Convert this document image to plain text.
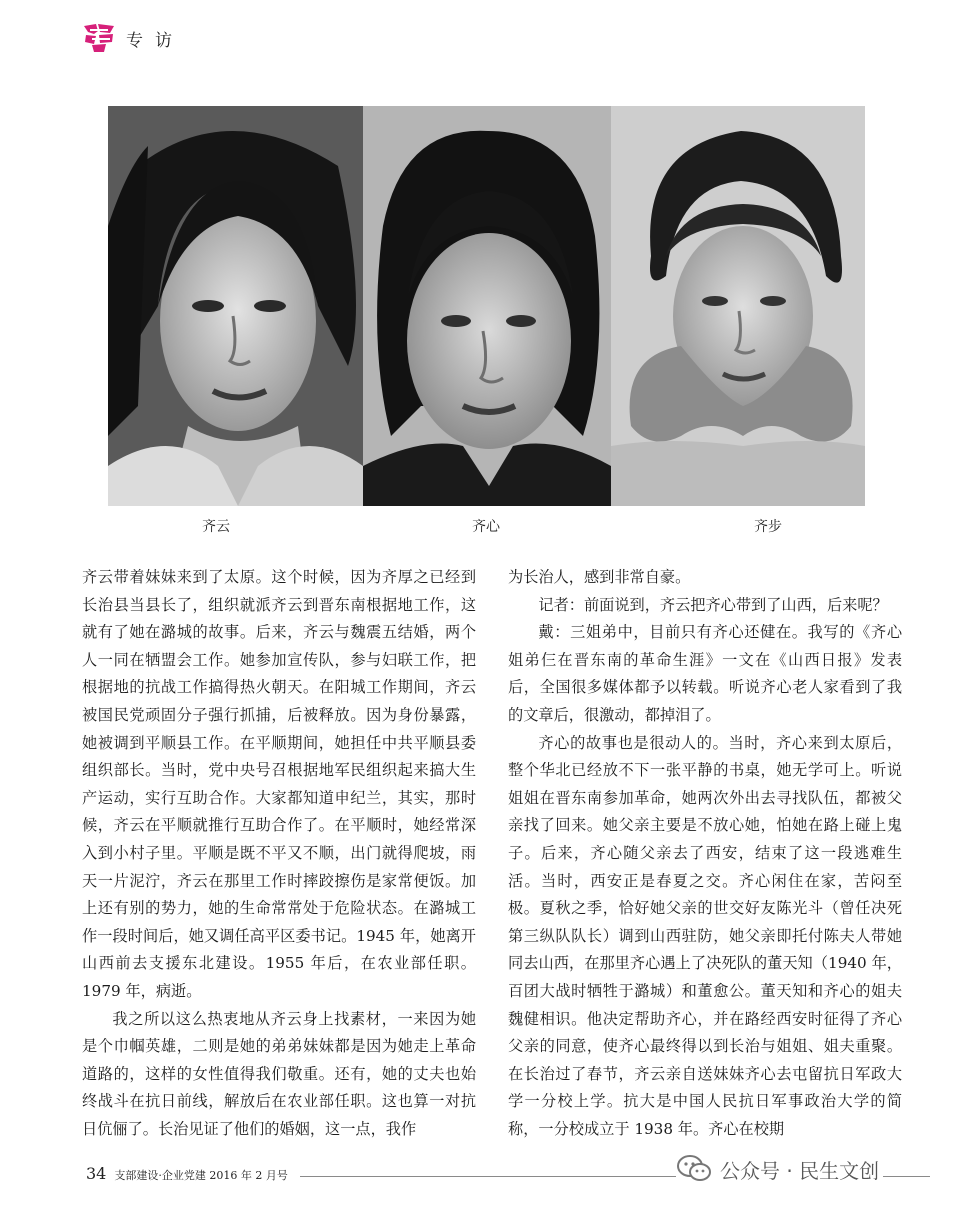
专访
齐云	齐心	齐步

齐云带着妹妹来到了太原。这个时候，因为齐厚之已经到长治县当县长了，组织就派齐云到晋东南根据地工作，这就有了她在潞城的故事。后来，齐云与魏震五结婚，两个人一同在牺盟会工作。她参加宣传队，参与妇联工作，把根据地的抗战工作搞得热火朝天。在阳城工作期间，齐云被国民党顽固分子强行抓捕，后被释放。因为身份暴露，她被调到平顺县工作。在平顺期间，她担任中共平顺县委组织部长。当时，党中央号召根据地军民组织起来搞大生产运动，实行互助合作。大家都知道申纪兰，其实，那时候，齐云在平顺就推行互助合作了。在平顺时，她经常深入到小村子里。平顺是既不平又不顺，出门就得爬坡，雨天一片泥泞，齐云在那里工作时摔跤擦伤是家常便饭。加上还有别的势力，她的生命常常处于危险状态。在潞城工作一段时间后，她又调任高平区委书记。1945 年，她离开山西前去支援东北建设。1955 年后，在农业部任职。1979 年，病逝。

我之所以这么热衷地从齐云身上找素材，一来因为她是个巾帼英雄，二则是她的弟弟妹妹都是因为她走上革命道路的，这样的女性值得我们敬重。还有，她的丈夫也始终战斗在抗日前线，解放后在农业部任职。这也算一对抗日伉俪了。长治见证了他们的婚姻，这一点，我作

为长治人，感到非常自豪。

记者：前面说到，齐云把齐心带到了山西，后来呢？

戴：三姐弟中，目前只有齐心还健在。我写的《齐心姐弟仨在晋东南的革命生涯》一文在《山西日报》发表后，全国很多媒体都予以转载。听说齐心老人家看到了我的文章后，很激动，都掉泪了。

齐心的故事也是很动人的。当时，齐心来到太原后，整个华北已经放不下一张平静的书桌，她无学可上。听说姐姐在晋东南参加革命，她两次外出去寻找队伍，都被父亲找了回来。她父亲主要是不放心她，怕她在路上碰上鬼子。后来，齐心随父亲去了西安，结束了这一段逃难生活。当时，西安正是春夏之交。齐心闲住在家，苦闷至极。夏秋之季，恰好她父亲的世交好友陈光斗（曾任决死第三纵队队长）调到山西驻防，她父亲即托付陈夫人带她同去山西，在那里齐心遇上了决死队的董天知（1940 年，百团大战时牺牲于潞城）和董愈公。董天知和齐心的姐夫魏健相识。他决定帮助齐心，并在路经西安时征得了齐心父亲的同意，使齐心最终得以到长治与姐姐、姐夫重聚。在长治过了春节，齐云亲自送妹妹齐心去屯留抗日军政大学一分校上学。抗大是中国人民抗日军事政治大学的简称，一分校成立于 1938 年。齐心在校期

34 支部建设·企业党建 2016 年 2 月号	公众号 · 民生文创
